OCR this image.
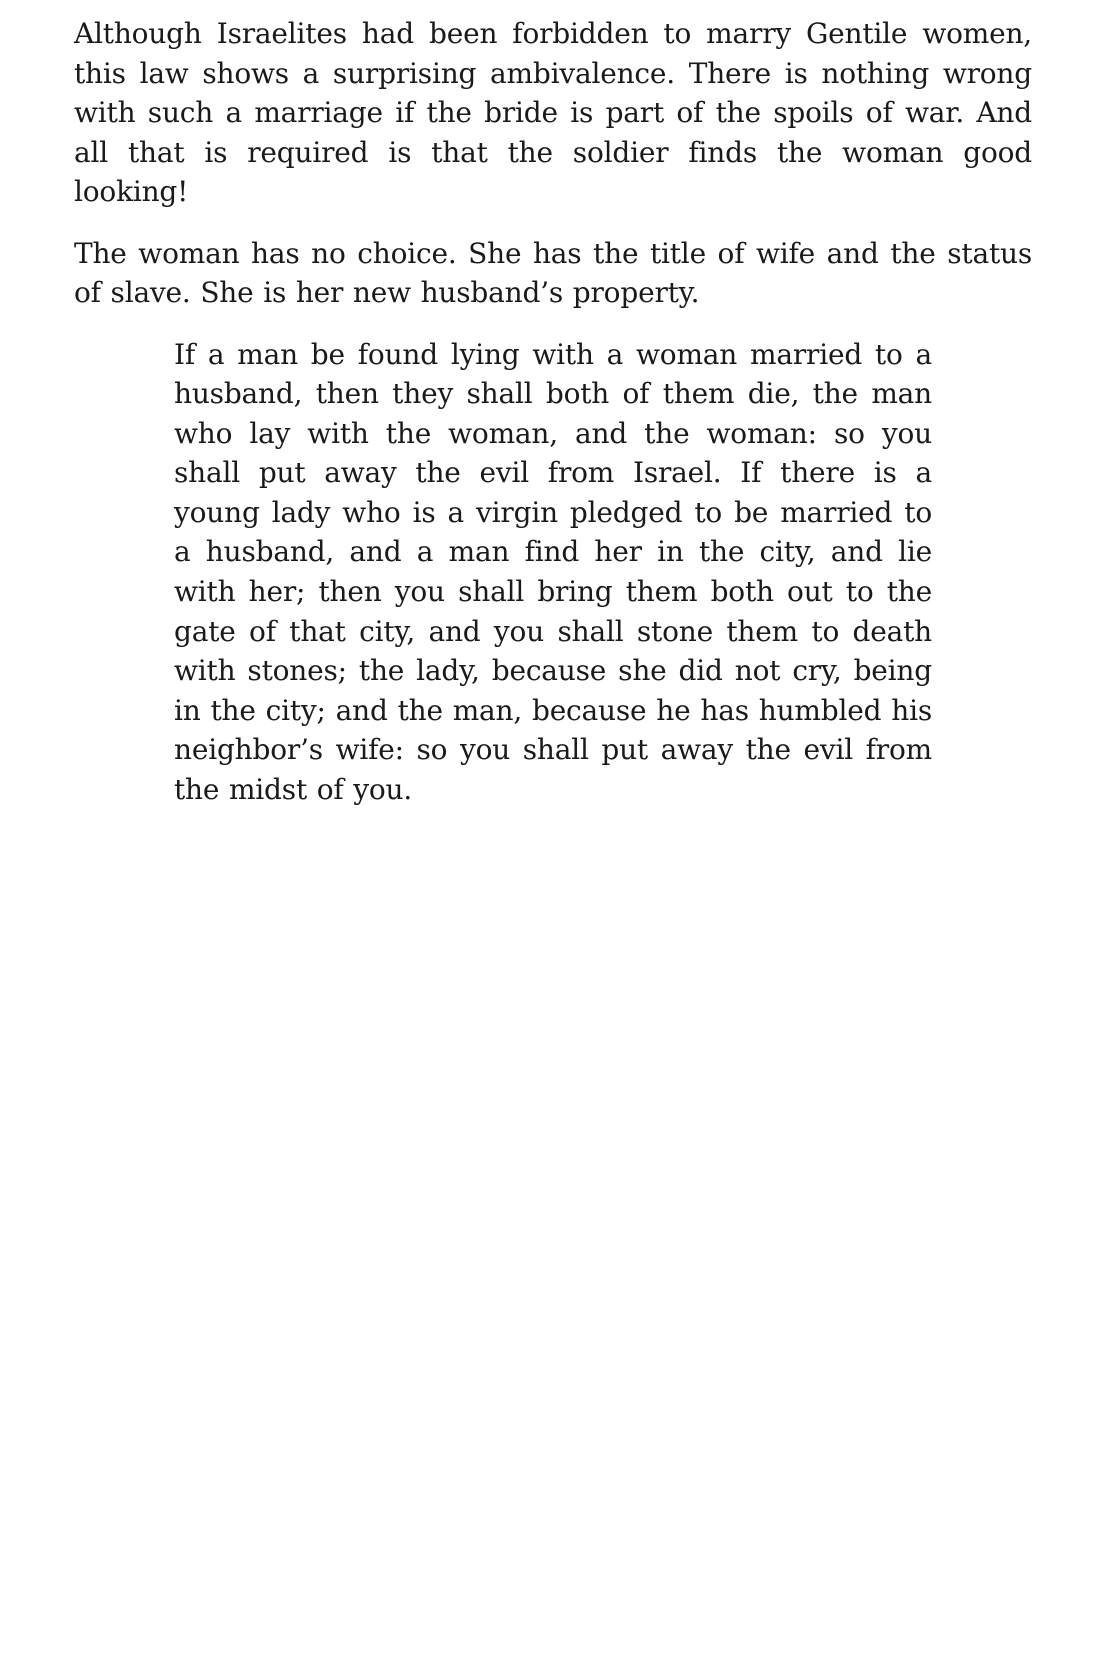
Although Israelites had been forbidden to marry Gentile women, this law shows a surprising ambivalence. There is nothing wrong with such a marriage if the bride is part of the spoils of war. And all that is required is that the soldier finds the woman good looking!

The woman has no choice. She has the title of wife and the status of slave. She is her new husband’s property.

If a man be found lying with a woman married to a husband, then they shall both of them die, the man who lay with the woman, and the woman: so you shall put away the evil from Israel. If there is a young lady who is a virgin pledged to be married to a husband, and a man find her in the city, and lie with her; then you shall bring them both out to the gate of that city, and you shall stone them to death with stones; the lady, because she did not cry, being in the city; and the man, because he has humbled his neighbor’s wife: so you shall put away the evil from the midst of you.
